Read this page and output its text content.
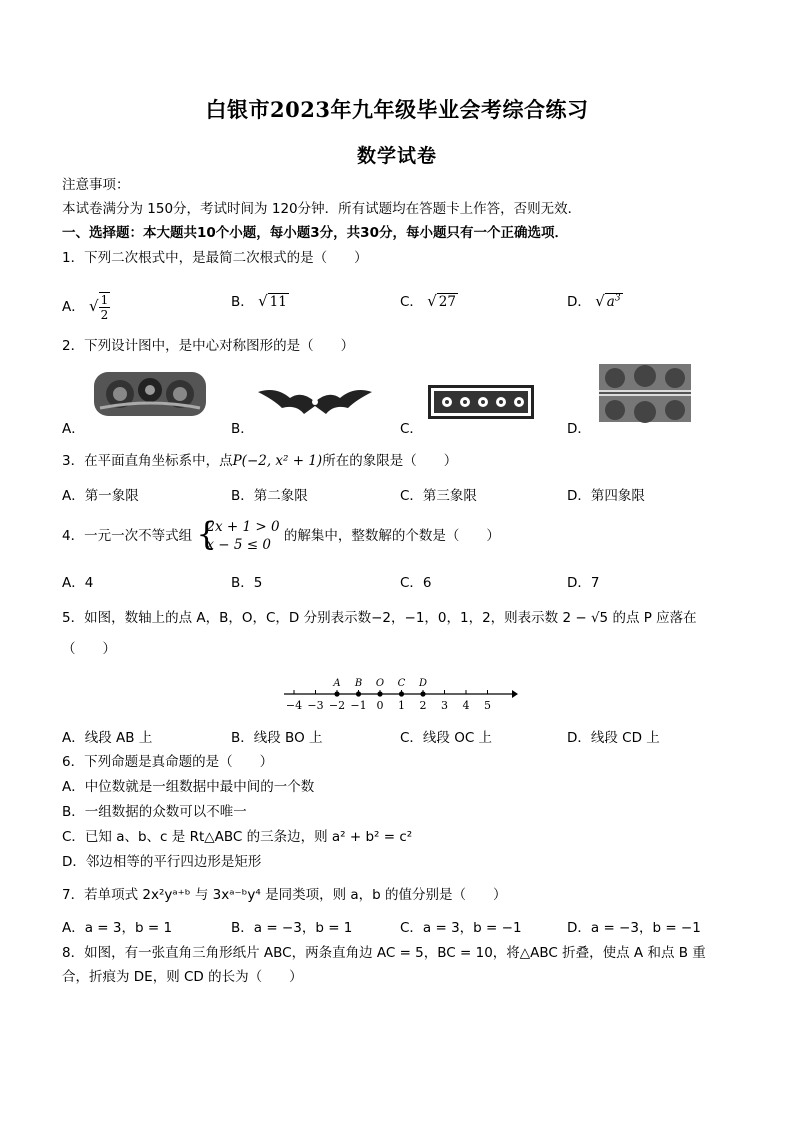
白银市2023年九年级毕业会考综合练习
数学试卷
注意事项：
本试卷满分为 150分，考试时间为 120分钟．所有试题均在答题卡上作答，否则无效．
一、选择题：本大题共10个小题，每小题3分，共30分，每小题只有一个正确选项．
1．下列二次根式中，是最简二次根式的是（　　）
A． √ $\frac{1}{2}$	B． √ 11	C． √ 27	D． √ $a^3$
2．下列设计图中，是中心对称图形的是（　　）
A．	B．	C．	D．
3．在平面直角坐标系中，点P(−2, x² + 1)所在的象限是（　　）
A．第一象限	B．第二象限	C．第三象限	D．第四象限
4．一元一次不等式组 {
2x + 1 > 0
x − 5 ≤ 0
的解集中，整数解的个数是（　　）
A．4	B．5	C．6	D．7
5．如图，数轴上的点 A，B，O，C，D 分别表示数−2，−1，0，1，2，则表示数 2 − √5 的点 P 应落在
（　　）
−4 −3 −2 −1 0 1 2 3 4 5
A B O C D
A．线段 AB 上	B．线段 BO 上	C．线段 OC 上	D．线段 CD 上
6．下列命题是真命题的是（　　）
A．中位数就是一组数据中最中间的一个数
B．一组数据的众数可以不唯一
C．已知 a、b、c 是 Rt△ABC 的三条边，则 a² + b² = c²
D．邻边相等的平行四边形是矩形
7．若单项式 2x²yᵃ⁺ᵇ 与 3xᵃ⁻ᵇy⁴ 是同类项，则 a，b 的值分别是（　　）
A．a = 3，b = 1	B．a = −3，b = 1	C．a = 3，b = −1	D．a = −3，b = −1
8．如图，有一张直角三角形纸片 ABC，两条直角边 AC = 5，BC = 10，将△ABC 折叠，使点 A 和点 B 重
合，折痕为 DE，则 CD 的长为（　　）
